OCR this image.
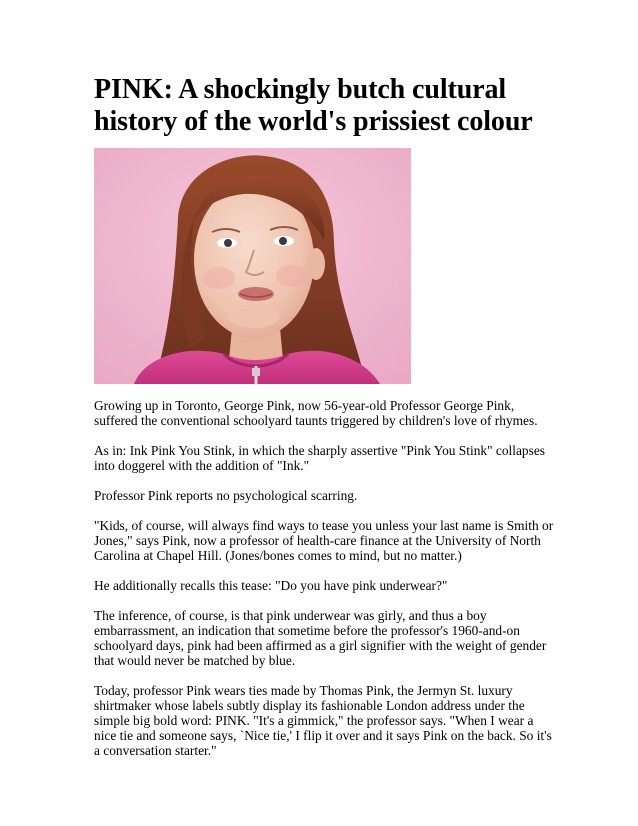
PINK: A shockingly butch cultural
history of the world's prissiest colour

Growing up in Toronto, George Pink, now 56-year-old Professor George Pink, suffered the conventional schoolyard taunts triggered by children's love of rhymes.

As in: Ink Pink You Stink, in which the sharply assertive "Pink You Stink" collapses into doggerel with the addition of "Ink."

Professor Pink reports no psychological scarring.

"Kids, of course, will always find ways to tease you unless your last name is Smith or Jones," says Pink, now a professor of health-care finance at the University of North Carolina at Chapel Hill. (Jones/bones comes to mind, but no matter.)

He additionally recalls this tease: "Do you have pink underwear?"

The inference, of course, is that pink underwear was girly, and thus a boy embarrassment, an indication that sometime before the professor's 1960-and-on schoolyard days, pink had been affirmed as a girl signifier with the weight of gender that would never be matched by blue.

Today, professor Pink wears ties made by Thomas Pink, the Jermyn St. luxury shirtmaker whose labels subtly display its fashionable London address under the simple big bold word: PINK. "It's a gimmick," the professor says. "When I wear a nice tie and someone says, `Nice tie,' I flip it over and it says Pink on the back. So it's a conversation starter."
